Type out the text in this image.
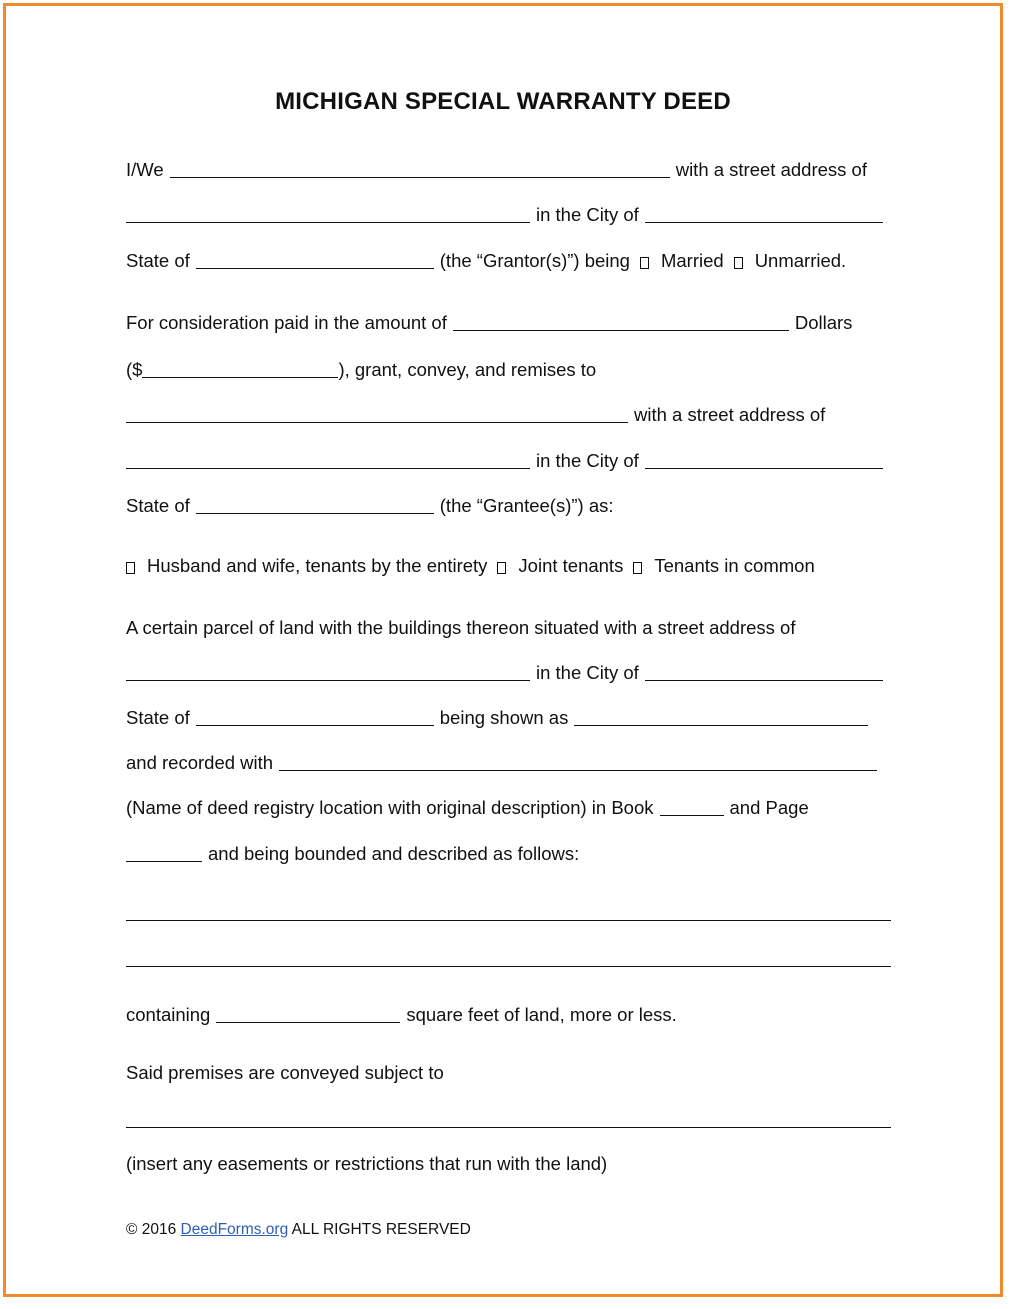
MICHIGAN SPECIAL WARRANTY DEED
I/We	with a street address of
in the City of
State of	(the “Grantor(s)”) being Married Unmarried.
For consideration paid in the amount of	Dollars
($	), grant, convey, and remises to
with a street address of
in the City of
State of	(the “Grantee(s)”) as:
Husband and wife, tenants by the entirety Joint tenants Tenants in common
A certain parcel of land with the buildings thereon situated with a street address of
in the City of
State of	being shown as
and recorded with
(Name of deed registry location with original description) in Book	and Page
and being bounded and described as follows:
containing	square feet of land, more or less.
Said premises are conveyed subject to
(insert any easements or restrictions that run with the land)
© 2016 DeedForms.org ALL RIGHTS RESERVED
